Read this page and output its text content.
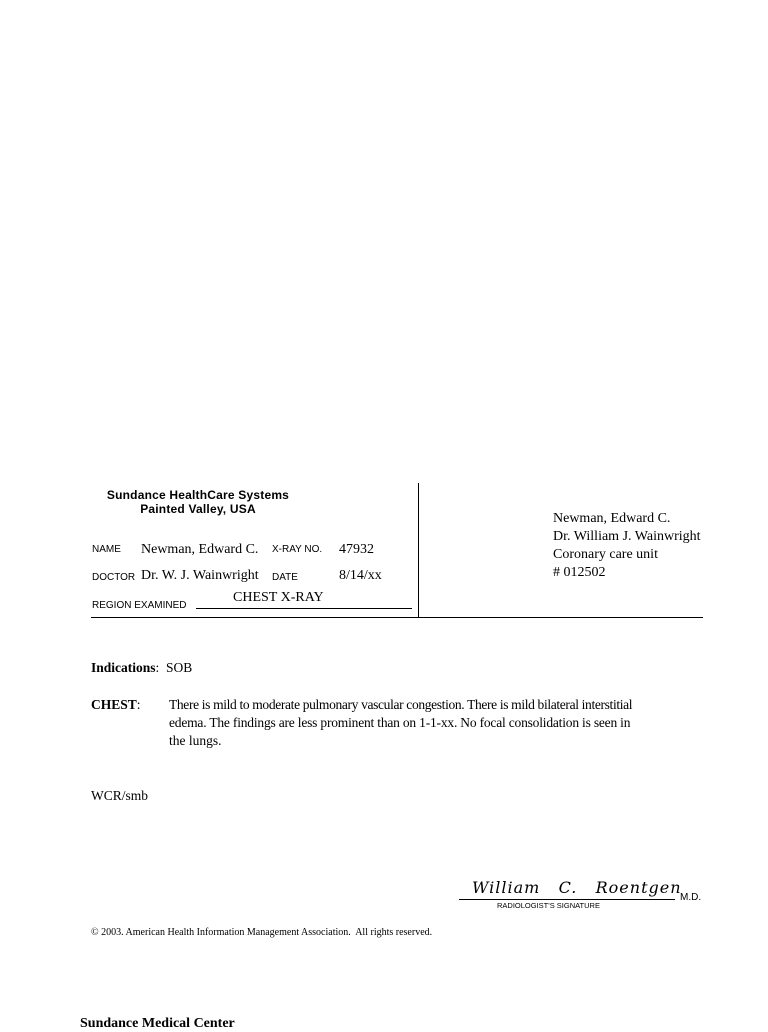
Sundance HealthCare Systems
Painted Valley, USA
NAME Newman, Edward C. X-RAY NO. 47932
DOCTOR Dr. W. J. Wainwright DATE	8/14/xx
REGION EXAMINED
CHEST X-RAY
Newman, Edward C.
Dr. William J. Wainwright
Coronary care unit
# 012502
Indications: SOB
CHEST: There is mild to moderate pulmonary vascular congestion. There is mild bilateral interstitial
edema. The findings are less prominent than on 1-1-xx. No focal consolidation is seen in
the lungs.
WCR/smb
William   C.   Roentgen
M.D.
RADIOLOGIST'S SIGNATURE
© 2003. American Health Information Management Association.  All rights reserved.
Sundance Medical Center
